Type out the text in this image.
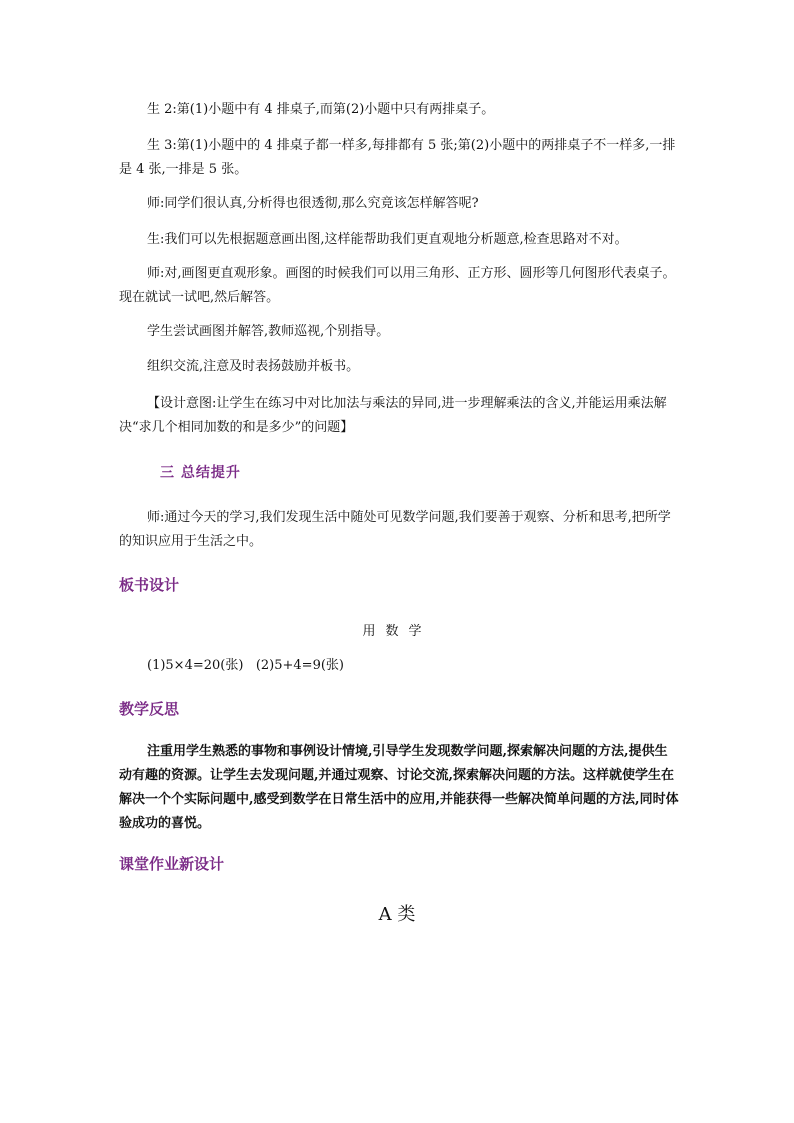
生 2:第(1)小题中有 4 排桌子,而第(2)小题中只有两排桌子。

生 3:第(1)小题中的 4 排桌子都一样多,每排都有 5 张;第(2)小题中的两排桌子不一样多,一排是 4 张,一排是 5 张。

师:同学们很认真,分析得也很透彻,那么究竟该怎样解答呢?

生:我们可以先根据题意画出图,这样能帮助我们更直观地分析题意,检查思路对不对。

师:对,画图更直观形象。画图的时候我们可以用三角形、正方形、圆形等几何图形代表桌子。现在就试一试吧,然后解答。

学生尝试画图并解答,教师巡视,个别指导。

组织交流,注意及时表扬鼓励并板书。

【设计意图:让学生在练习中对比加法与乘法的异同,进一步理解乘法的含义,并能运用乘法解决“求几个相同加数的和是多少”的问题】

三 总结提升

师:通过今天的学习,我们发现生活中随处可见数学问题,我们要善于观察、分析和思考,把所学的知识应用于生活之中。

板书设计

用数学

(1)5×4=20(张)   (2)5+4=9(张)

教学反思

注重用学生熟悉的事物和事例设计情境,引导学生发现数学问题,探索解决问题的方法,提供生动有趣的资源。让学生去发现问题,并通过观察、讨论交流,探索解决问题的方法。这样就使学生在解决一个个实际问题中,感受到数学在日常生活中的应用,并能获得一些解决简单问题的方法,同时体验成功的喜悦。

课堂作业新设计

A 类
